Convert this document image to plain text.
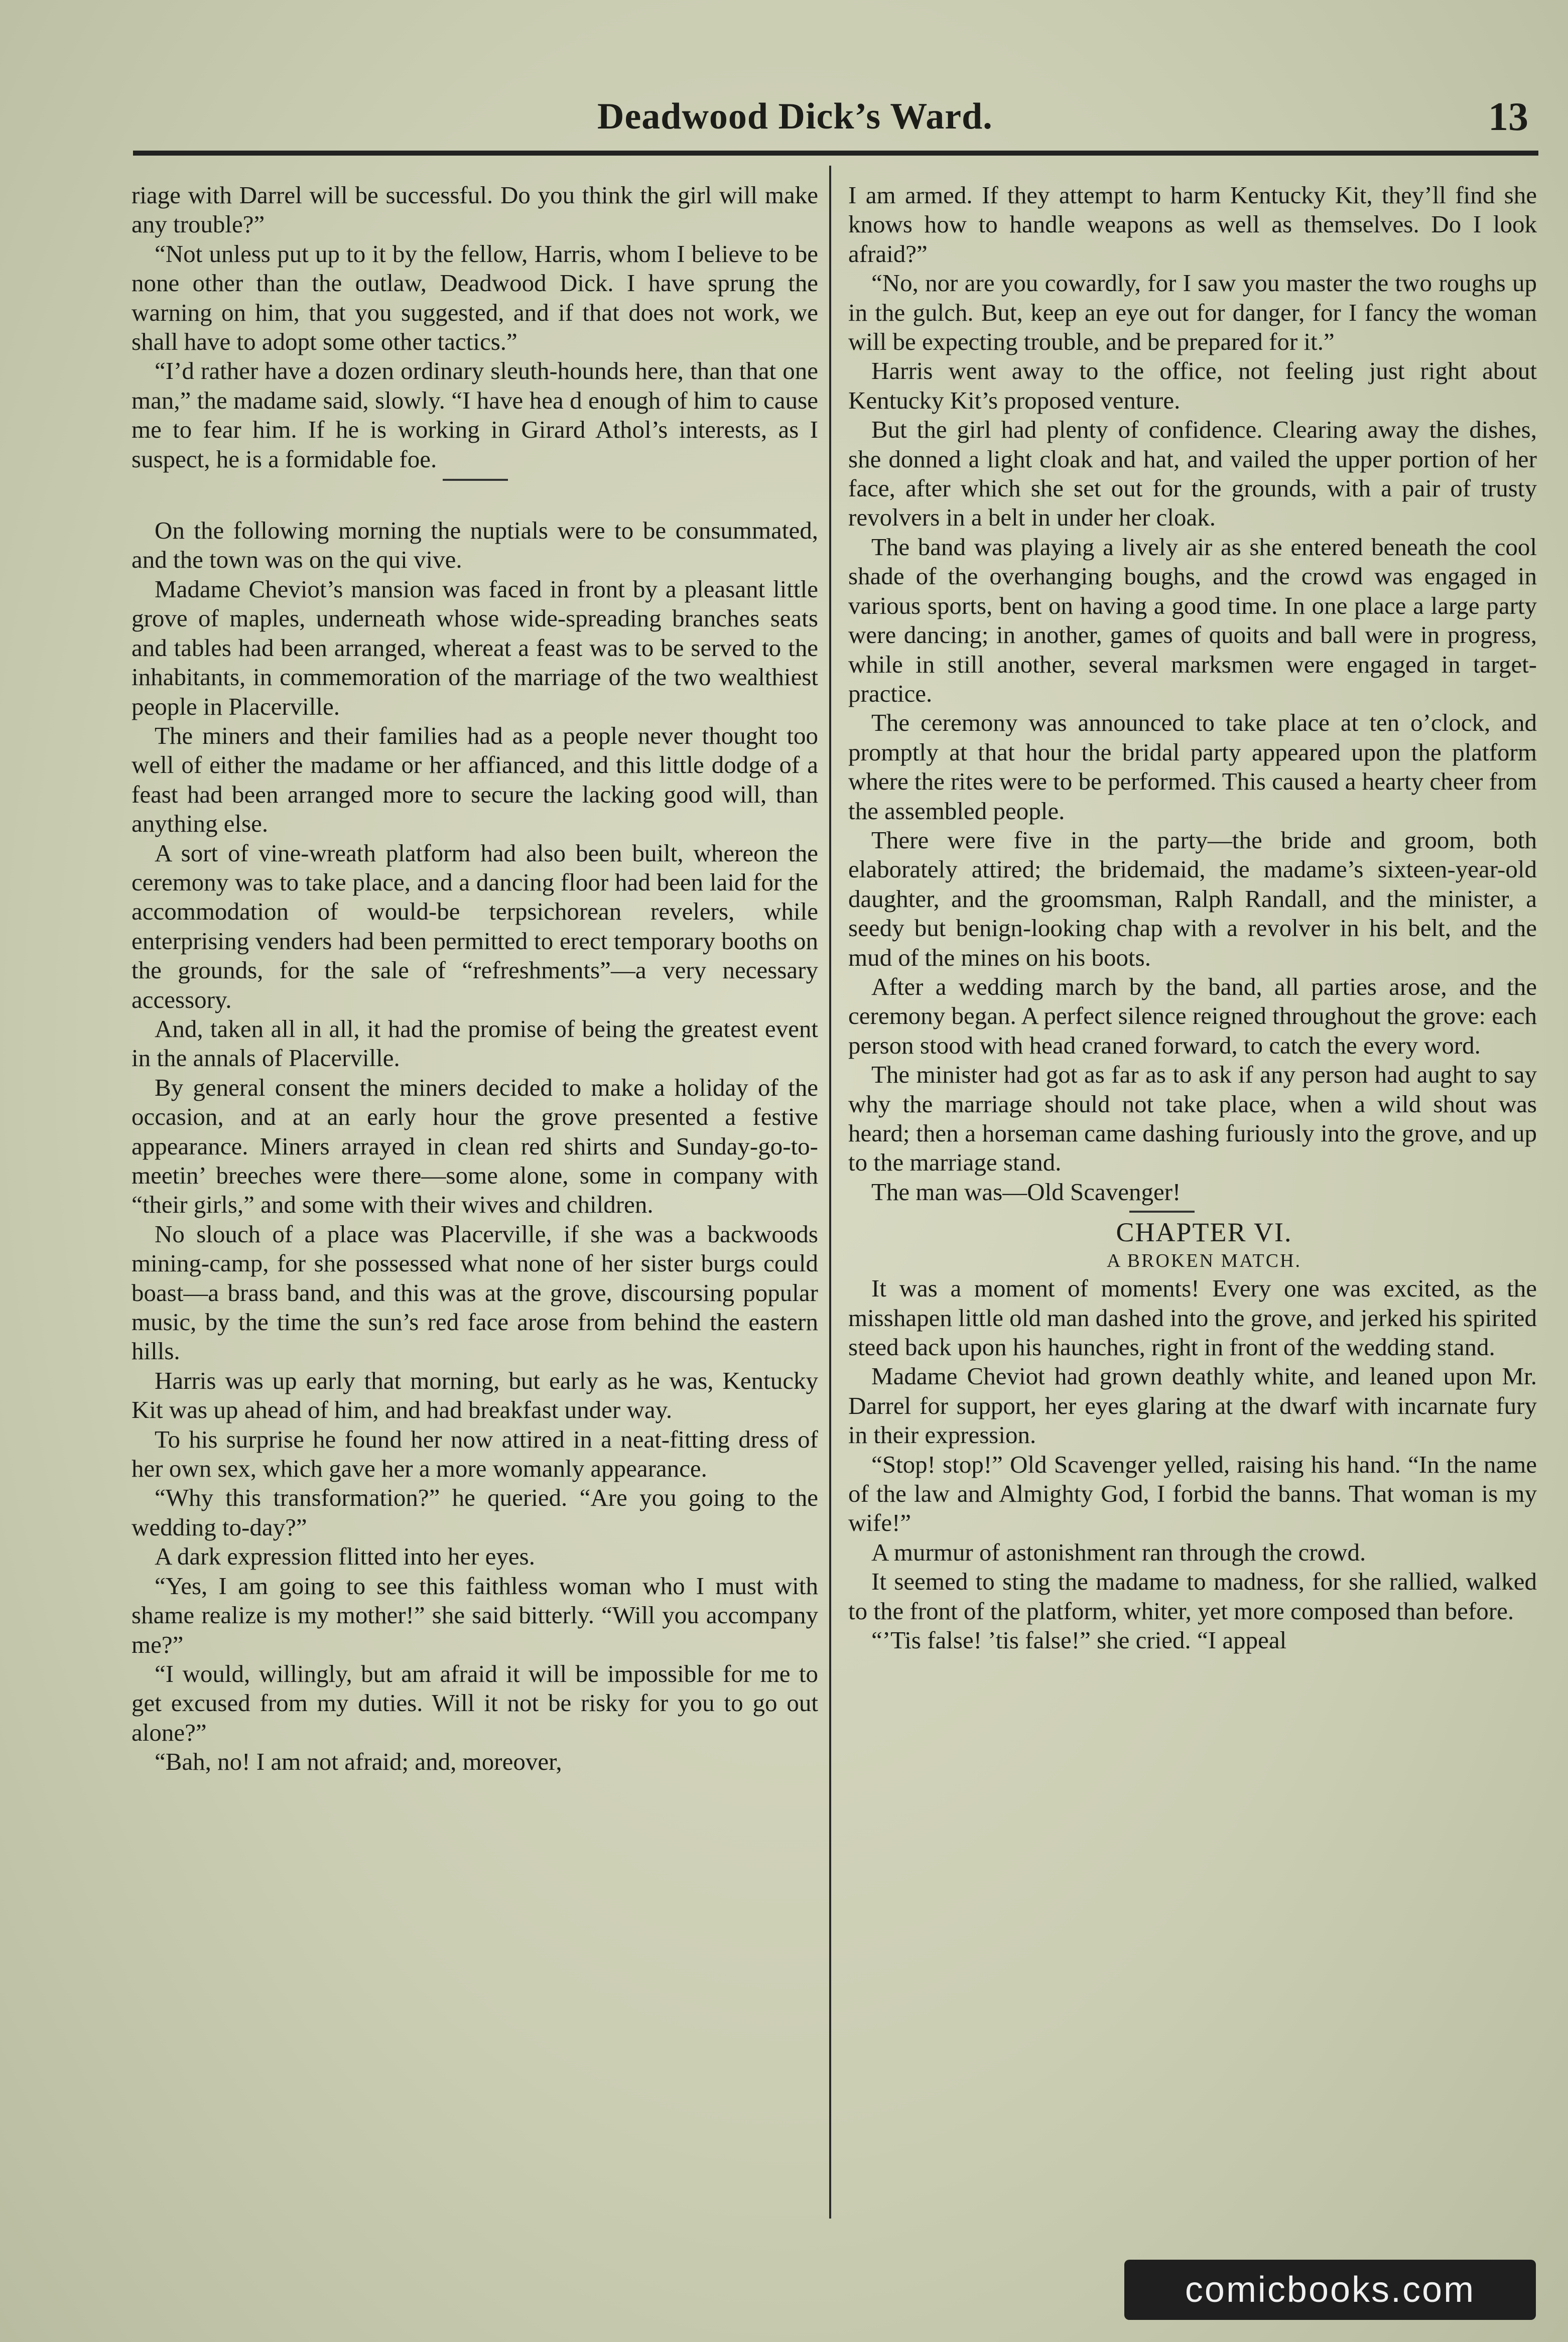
Deadwood Dick’s Ward.	13

riage with Darrel will be successful. Do you think the girl will make any trouble?”

“Not unless put up to it by the fellow, Harris, whom I believe to be none other than the outlaw, Deadwood Dick. I have sprung the warning on him, that you suggested, and if that does not work, we shall have to adopt some other tactics.”

“I’d rather have a dozen ordinary sleuth-hounds here, than that one man,” the madame said, slowly. “I have hea d enough of him to cause me to fear him. If he is working in Girard Athol’s interests, as I suspect, he is a formidable foe.

On the following morning the nuptials were to be consummated, and the town was on the qui vive.

Madame Cheviot’s mansion was faced in front by a pleasant little grove of maples, underneath whose wide-spreading branches seats and tables had been arranged, whereat a feast was to be served to the inhabitants, in commemoration of the marriage of the two wealthiest people in Placerville.

The miners and their families had as a people never thought too well of either the madame or her affianced, and this little dodge of a feast had been arranged more to secure the lacking good will, than anything else.

A sort of vine-wreath platform had also been built, whereon the ceremony was to take place, and a dancing floor had been laid for the accommodation of would-be terpsichorean revelers, while enterprising venders had been permitted to erect temporary booths on the grounds, for the sale of “refreshments”—a very necessary accessory.

And, taken all in all, it had the promise of being the greatest event in the annals of Placerville.

By general consent the miners decided to make a holiday of the occasion, and at an early hour the grove presented a festive appearance. Miners arrayed in clean red shirts and Sunday-go-to-meetin’ breeches were there—some alone, some in company with “their girls,” and some with their wives and children.

No slouch of a place was Placerville, if she was a backwoods mining-camp, for she possessed what none of her sister burgs could boast—a brass band, and this was at the grove, discoursing popular music, by the time the sun’s red face arose from behind the eastern hills.

Harris was up early that morning, but early as he was, Kentucky Kit was up ahead of him, and had breakfast under way.

To his surprise he found her now attired in a neat-fitting dress of her own sex, which gave her a more womanly appearance.

“Why this transformation?” he queried. “Are you going to the wedding to-day?”

A dark expression flitted into her eyes.

“Yes, I am going to see this faithless woman who I must with shame realize is my mother!” she said bitterly. “Will you accompany me?”

“I would, willingly, but am afraid it will be impossible for me to get excused from my duties. Will it not be risky for you to go out alone?”

“Bah, no! I am not afraid; and, moreover,

I am armed. If they attempt to harm Kentucky Kit, they’ll find she knows how to handle weapons as well as themselves. Do I look afraid?”

“No, nor are you cowardly, for I saw you master the two roughs up in the gulch. But, keep an eye out for danger, for I fancy the woman will be expecting trouble, and be prepared for it.”

Harris went away to the office, not feeling just right about Kentucky Kit’s proposed venture.

But the girl had plenty of confidence. Clearing away the dishes, she donned a light cloak and hat, and vailed the upper portion of her face, after which she set out for the grounds, with a pair of trusty revolvers in a belt in under her cloak.

The band was playing a lively air as she entered beneath the cool shade of the overhanging boughs, and the crowd was engaged in various sports, bent on having a good time. In one place a large party were dancing; in another, games of quoits and ball were in progress, while in still another, several marksmen were engaged in target-practice.

The ceremony was announced to take place at ten o’clock, and promptly at that hour the bridal party appeared upon the platform where the rites were to be performed. This caused a hearty cheer from the assembled people.

There were five in the party—the bride and groom, both elaborately attired; the bridemaid, the madame’s sixteen-year-old daughter, and the groomsman, Ralph Randall, and the minister, a seedy but benign-looking chap with a revolver in his belt, and the mud of the mines on his boots.

After a wedding march by the band, all parties arose, and the ceremony began. A perfect silence reigned throughout the grove: each person stood with head craned forward, to catch the every word.

The minister had got as far as to ask if any person had aught to say why the marriage should not take place, when a wild shout was heard; then a horseman came dashing furiously into the grove, and up to the marriage stand.

The man was—Old Scavenger!

CHAPTER VI.

A BROKEN MATCH.

It was a moment of moments! Every one was excited, as the misshapen little old man dashed into the grove, and jerked his spirited steed back upon his haunches, right in front of the wedding stand.

Madame Cheviot had grown deathly white, and leaned upon Mr. Darrel for support, her eyes glaring at the dwarf with incarnate fury in their expression.

“Stop! stop!” Old Scavenger yelled, raising his hand. “In the name of the law and Almighty God, I forbid the banns. That woman is my wife!”

A murmur of astonishment ran through the crowd.

It seemed to sting the madame to madness, for she rallied, walked to the front of the platform, whiter, yet more composed than before.

“’Tis false! ’tis false!” she cried. “I appeal

comicbooks.com
